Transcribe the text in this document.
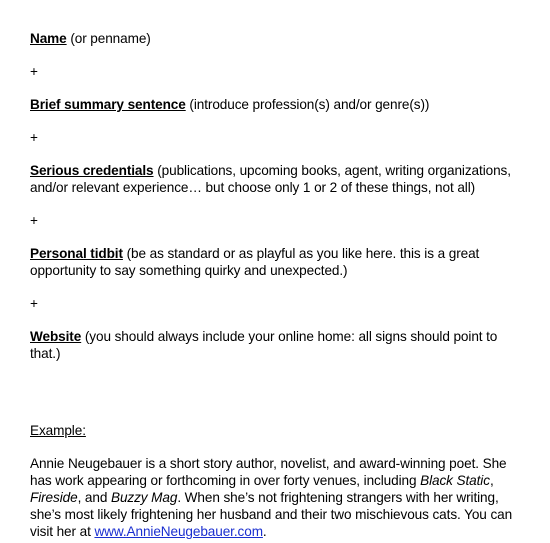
Name (or penname)

+

Brief summary sentence (introduce profession(s) and/or genre(s))

+

Serious credentials (publications, upcoming books, agent, writing organizations, and/or relevant experience… but choose only 1 or 2 of these things, not all)

+

Personal tidbit (be as standard or as playful as you like here. this is a great opportunity to say something quirky and unexpected.)

+

Website (you should always include your online home: all signs should point to that.)

Example:

Annie Neugebauer is a short story author, novelist, and award-winning poet. She has work appearing or forthcoming in over forty venues, including Black Static, Fireside, and Buzzy Mag. When she’s not frightening strangers with her writing, she’s most likely frightening her husband and their two mischievous cats. You can visit her at www.AnnieNeugebauer.com.
